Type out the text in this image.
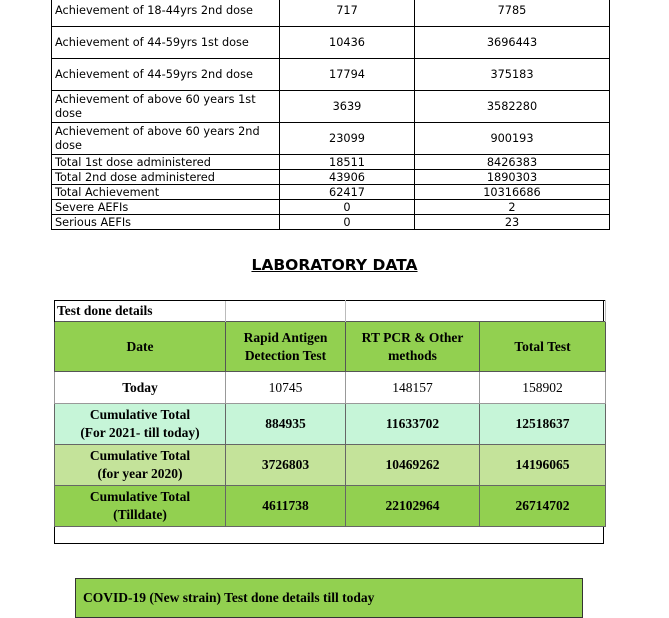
Achievement of 18-44yrs 2nd dose	717	7785
Achievement of 44-59yrs 1st dose	10436	3696443
Achievement of 44-59yrs 2nd dose	17794	375183
Achievement of above 60 years 1st dose	3639	3582280
Achievement of above 60 years 2nd dose	23099	900193
Total 1st dose administered	18511	8426383
Total 2nd dose administered	43906	1890303
Total Achievement	62417	10316686
Severe AEFIs	0	2
Serious AEFIs	0	23
LABORATORY DATA
Test done details			
Date	Rapid Antigen Detection Test	RT PCR & Other methods	Total Test
Today	10745	148157	158902
Cumulative Total
(For 2021- till today)	884935	11633702	12518637
Cumulative Total
(for year 2020)	3726803	10469262	14196065
Cumulative Total
(Tilldate)	4611738	22102964	26714702
COVID-19 (New strain) Test done details till today
